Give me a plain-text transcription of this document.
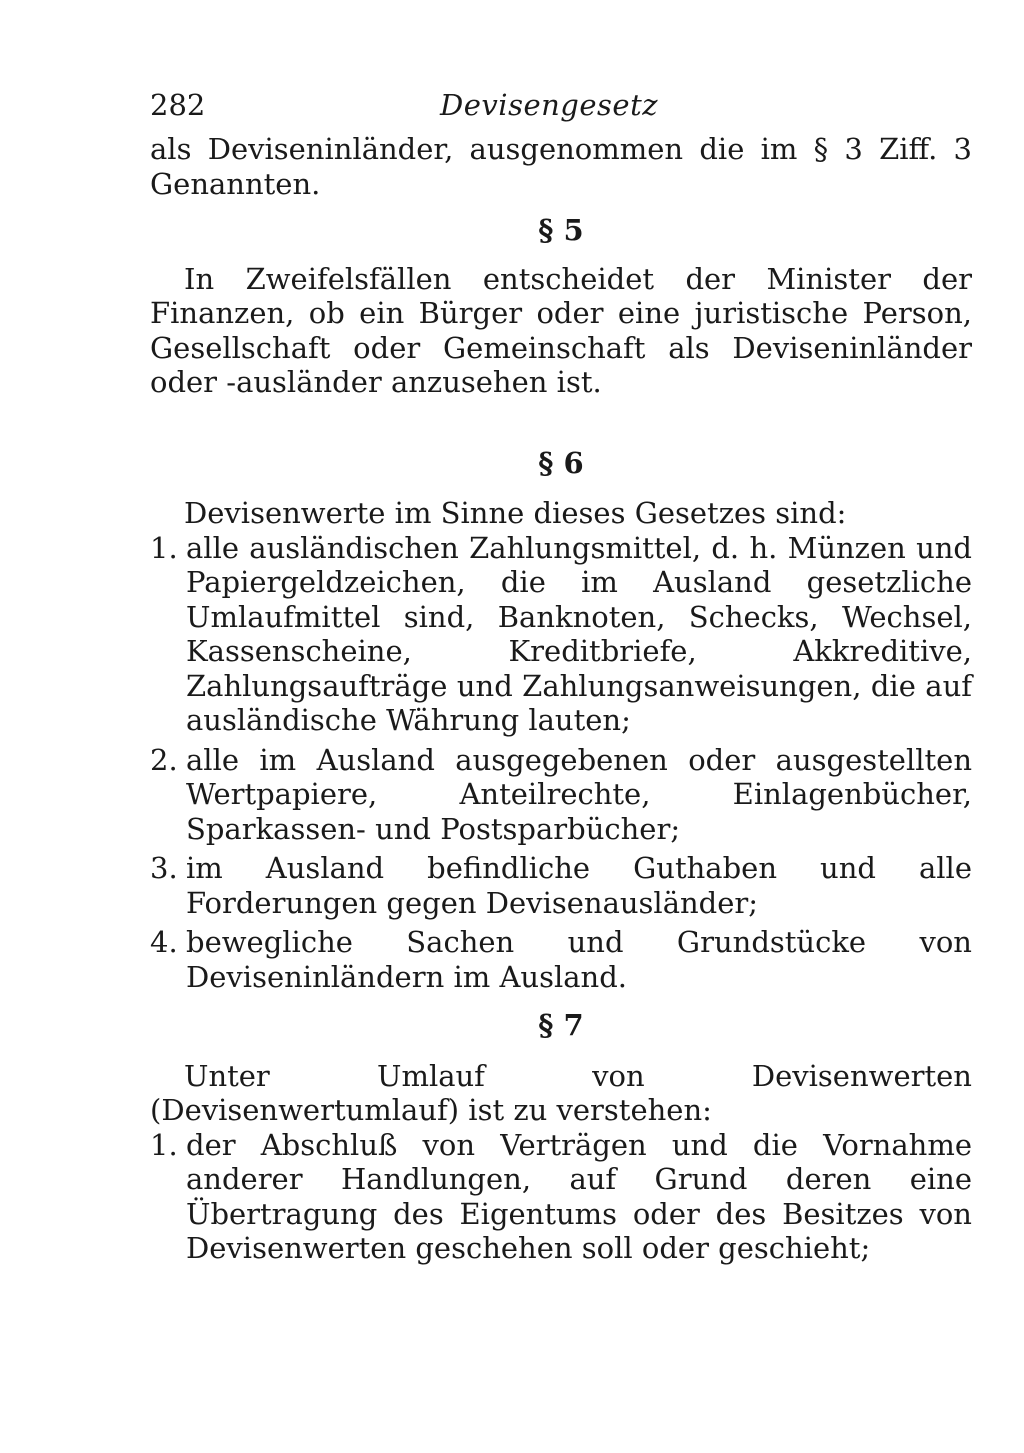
282	Devisengesetz

als Deviseninländer, ausgenommen die im § 3 Ziff. 3 Genannten.

§ 5

In Zweifelsfällen entscheidet der Minister der Finanzen, ob ein Bürger oder eine juristische Person, Gesellschaft oder Gemeinschaft als Deviseninländer oder -ausländer anzusehen ist.

§ 6

Devisenwerte im Sinne dieses Gesetzes sind:

1. alle ausländischen Zahlungsmittel, d. h. Münzen und Papiergeldzeichen, die im Ausland gesetzliche Umlaufmittel sind, Banknoten, Schecks, Wechsel, Kassenscheine, Kreditbriefe, Akkreditive, Zahlungsaufträge und Zahlungsanweisungen, die auf ausländische Währung lauten;
2. alle im Ausland ausgegebenen oder ausgestellten Wertpapiere, Anteilrechte, Einlagenbücher, Sparkassen- und Postsparbücher;
3. im Ausland befindliche Guthaben und alle Forderungen gegen Devisenausländer;
4. bewegliche Sachen und Grundstücke von Deviseninländern im Ausland.
§ 7

Unter Umlauf von Devisenwerten (Devisenwertumlauf) ist zu verstehen:

1. der Abschluß von Verträgen und die Vornahme anderer Handlungen, auf Grund deren eine Übertragung des Eigentums oder des Besitzes von Devisenwerten geschehen soll oder geschieht;
